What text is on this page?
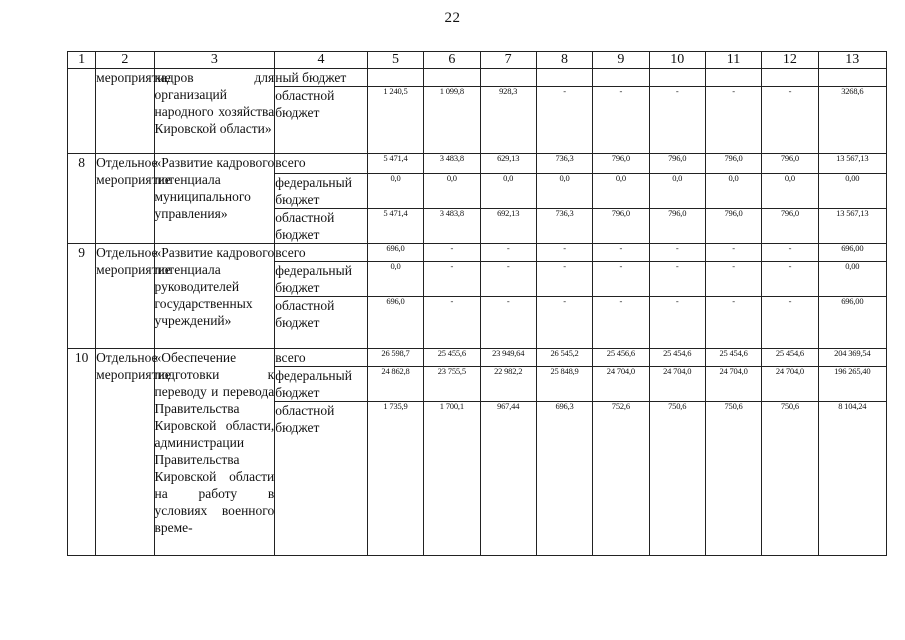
22
1	2	3	4	5	6	7	8	9	10	11	12	13
	мероприятие	кадров для организаций народного хозяйства Кировской области»	ный бюджет									
			областной бюджет	1 240,5	1 099,8	928,3	-	-	-	-	-	3268,6
8	Отдельное мероприятие	«Развитие кадрового потенциала муниципального управления»	всего	5 471,4	3 483,8	629,13	736,3	796,0	796,0	796,0	796,0	13 567,13
			федеральный бюджет	0,0	0,0	0,0	0,0	0,0	0,0	0,0	0,0	0,00
			областной бюджет	5 471,4	3 483,8	692,13	736,3	796,0	796,0	796,0	796,0	13 567,13
9	Отдельное мероприятие	«Развитие кадрового потенциала руководителей государственных учреждений»	всего	696,0	-	-	-	-	-	-	-	696,00
			федеральный бюджет	0,0	-	-	-	-	-	-	-	0,00
			областной бюджет	696,0	-	-	-	-	-	-	-	696,00
10	Отдельное мероприятие	«Обеспечение подготовки к переводу и перевода Правительства Кировской области, администрации Правительства Кировской области на работу в условиях военного време-	всего	26 598,7	25 455,6	23 949,64	26 545,2	25 456,6	25 454,6	25 454,6	25 454,6	204 369,54
			федеральный бюджет	24 862,8	23 755,5	22 982,2	25 848,9	24 704,0	24 704,0	24 704,0	24 704,0	196 265,40
			областной бюджет	1 735,9	1 700,1	967,44	696,3	752,6	750,6	750,6	750,6	8 104,24
